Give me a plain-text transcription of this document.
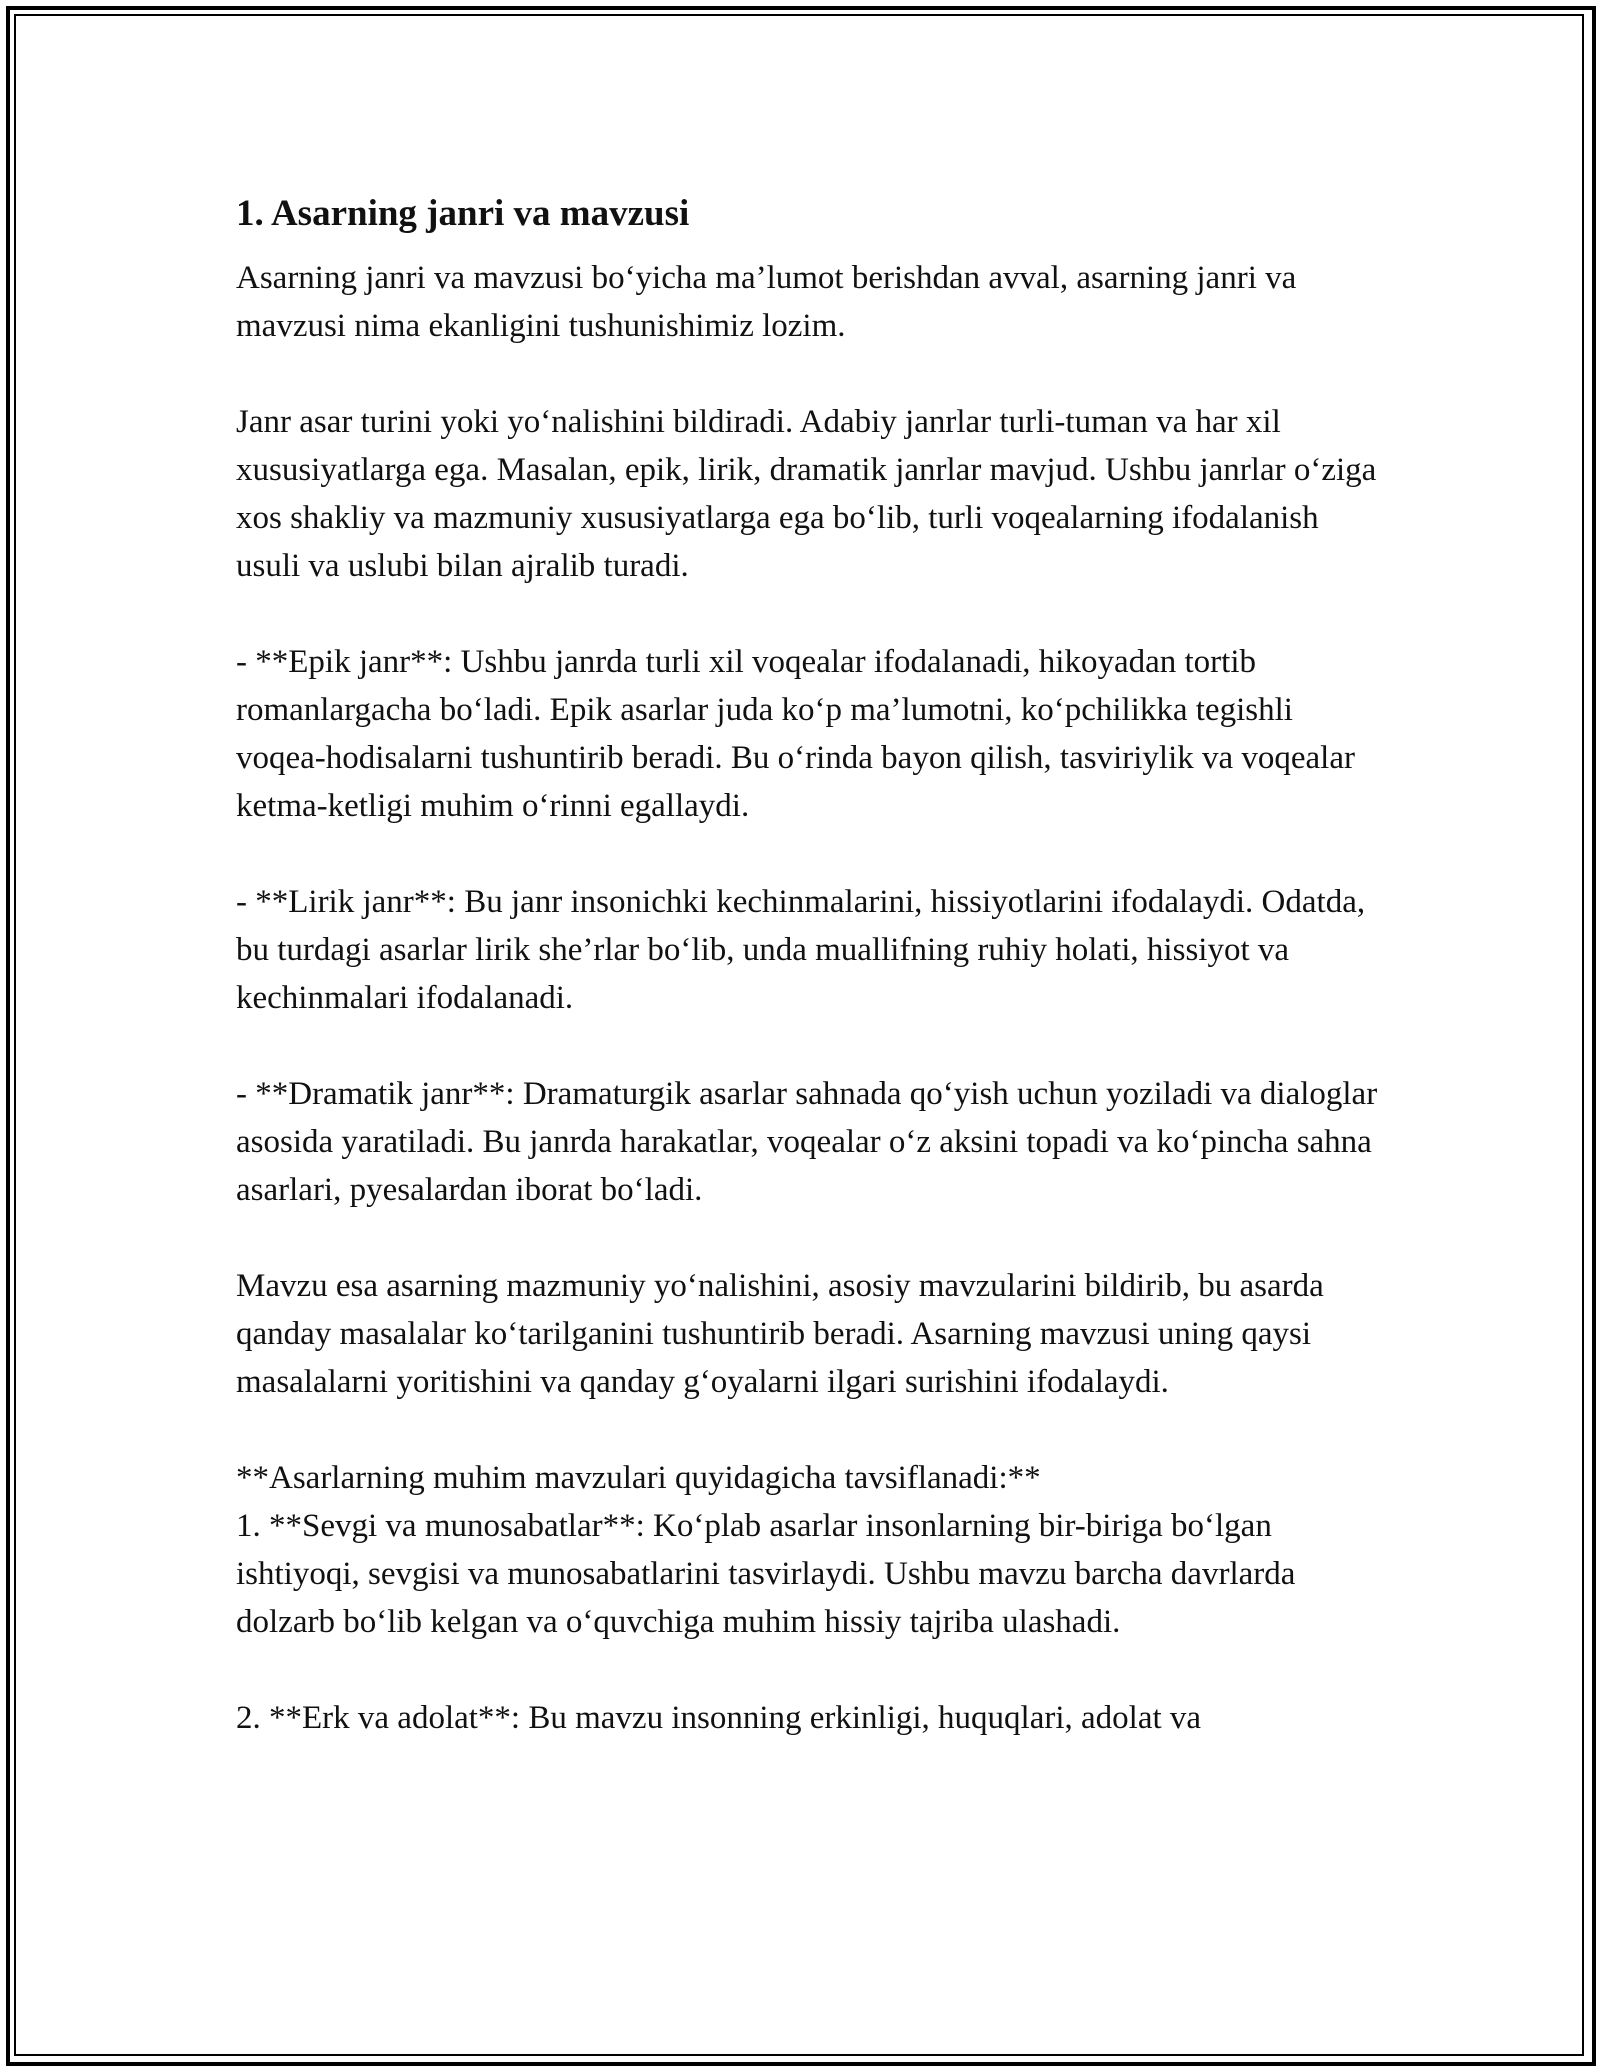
1. Asarning janri va mavzusi
Asarning janri va mavzusi bo‘yicha ma’lumot berishdan avval, asarning janri va mavzusi nima ekanligini tushunishimiz lozim.
Janr asar turini yoki yo‘nalishini bildiradi. Adabiy janrlar turli-tuman va har xil xususiyatlarga ega. Masalan, epik, lirik, dramatik janrlar mavjud. Ushbu janrlar o‘ziga xos shakliy va mazmuniy xususiyatlarga ega bo‘lib, turli voqealarning ifodalanish usuli va uslubi bilan ajralib turadi.
- **Epik janr**: Ushbu janrda turli xil voqealar ifodalanadi, hikoyadan tortib romanlargacha bo‘ladi. Epik asarlar juda ko‘p ma’lumotni, ko‘pchilikka tegishli voqea-hodisalarni tushuntirib beradi. Bu o‘rinda bayon qilish, tasviriylik va voqealar ketma-ketligi muhim o‘rinni egallaydi.
- **Lirik janr**: Bu janr insonichki kechinmalarini, hissiyotlarini ifodalaydi. Odatda, bu turdagi asarlar lirik she’rlar bo‘lib, unda muallifning ruhiy holati, hissiyot va kechinmalari ifodalanadi.
- **Dramatik janr**: Dramaturgik asarlar sahnada qo‘yish uchun yoziladi va dialoglar asosida yaratiladi. Bu janrda harakatlar, voqealar o‘z aksini topadi va ko‘pincha sahna asarlari, pyesalardan iborat bo‘ladi.
Mavzu esa asarning mazmuniy yo‘nalishini, asosiy mavzularini bildirib, bu asarda qanday masalalar ko‘tarilganini tushuntirib beradi. Asarning mavzusi uning qaysi masalalarni yoritishini va qanday g‘oyalarni ilgari surishini ifodalaydi.
**Asarlarning muhim mavzulari quyidagicha tavsiflanadi:**
1. **Sevgi va munosabatlar**: Ko‘plab asarlar insonlarning bir-biriga bo‘lgan ishtiyoqi, sevgisi va munosabatlarini tasvirlaydi. Ushbu mavzu barcha davrlarda dolzarb bo‘lib kelgan va o‘quvchiga muhim hissiy tajriba ulashadi.
2. **Erk va adolat**: Bu mavzu insonning erkinligi, huquqlari, adolat va
